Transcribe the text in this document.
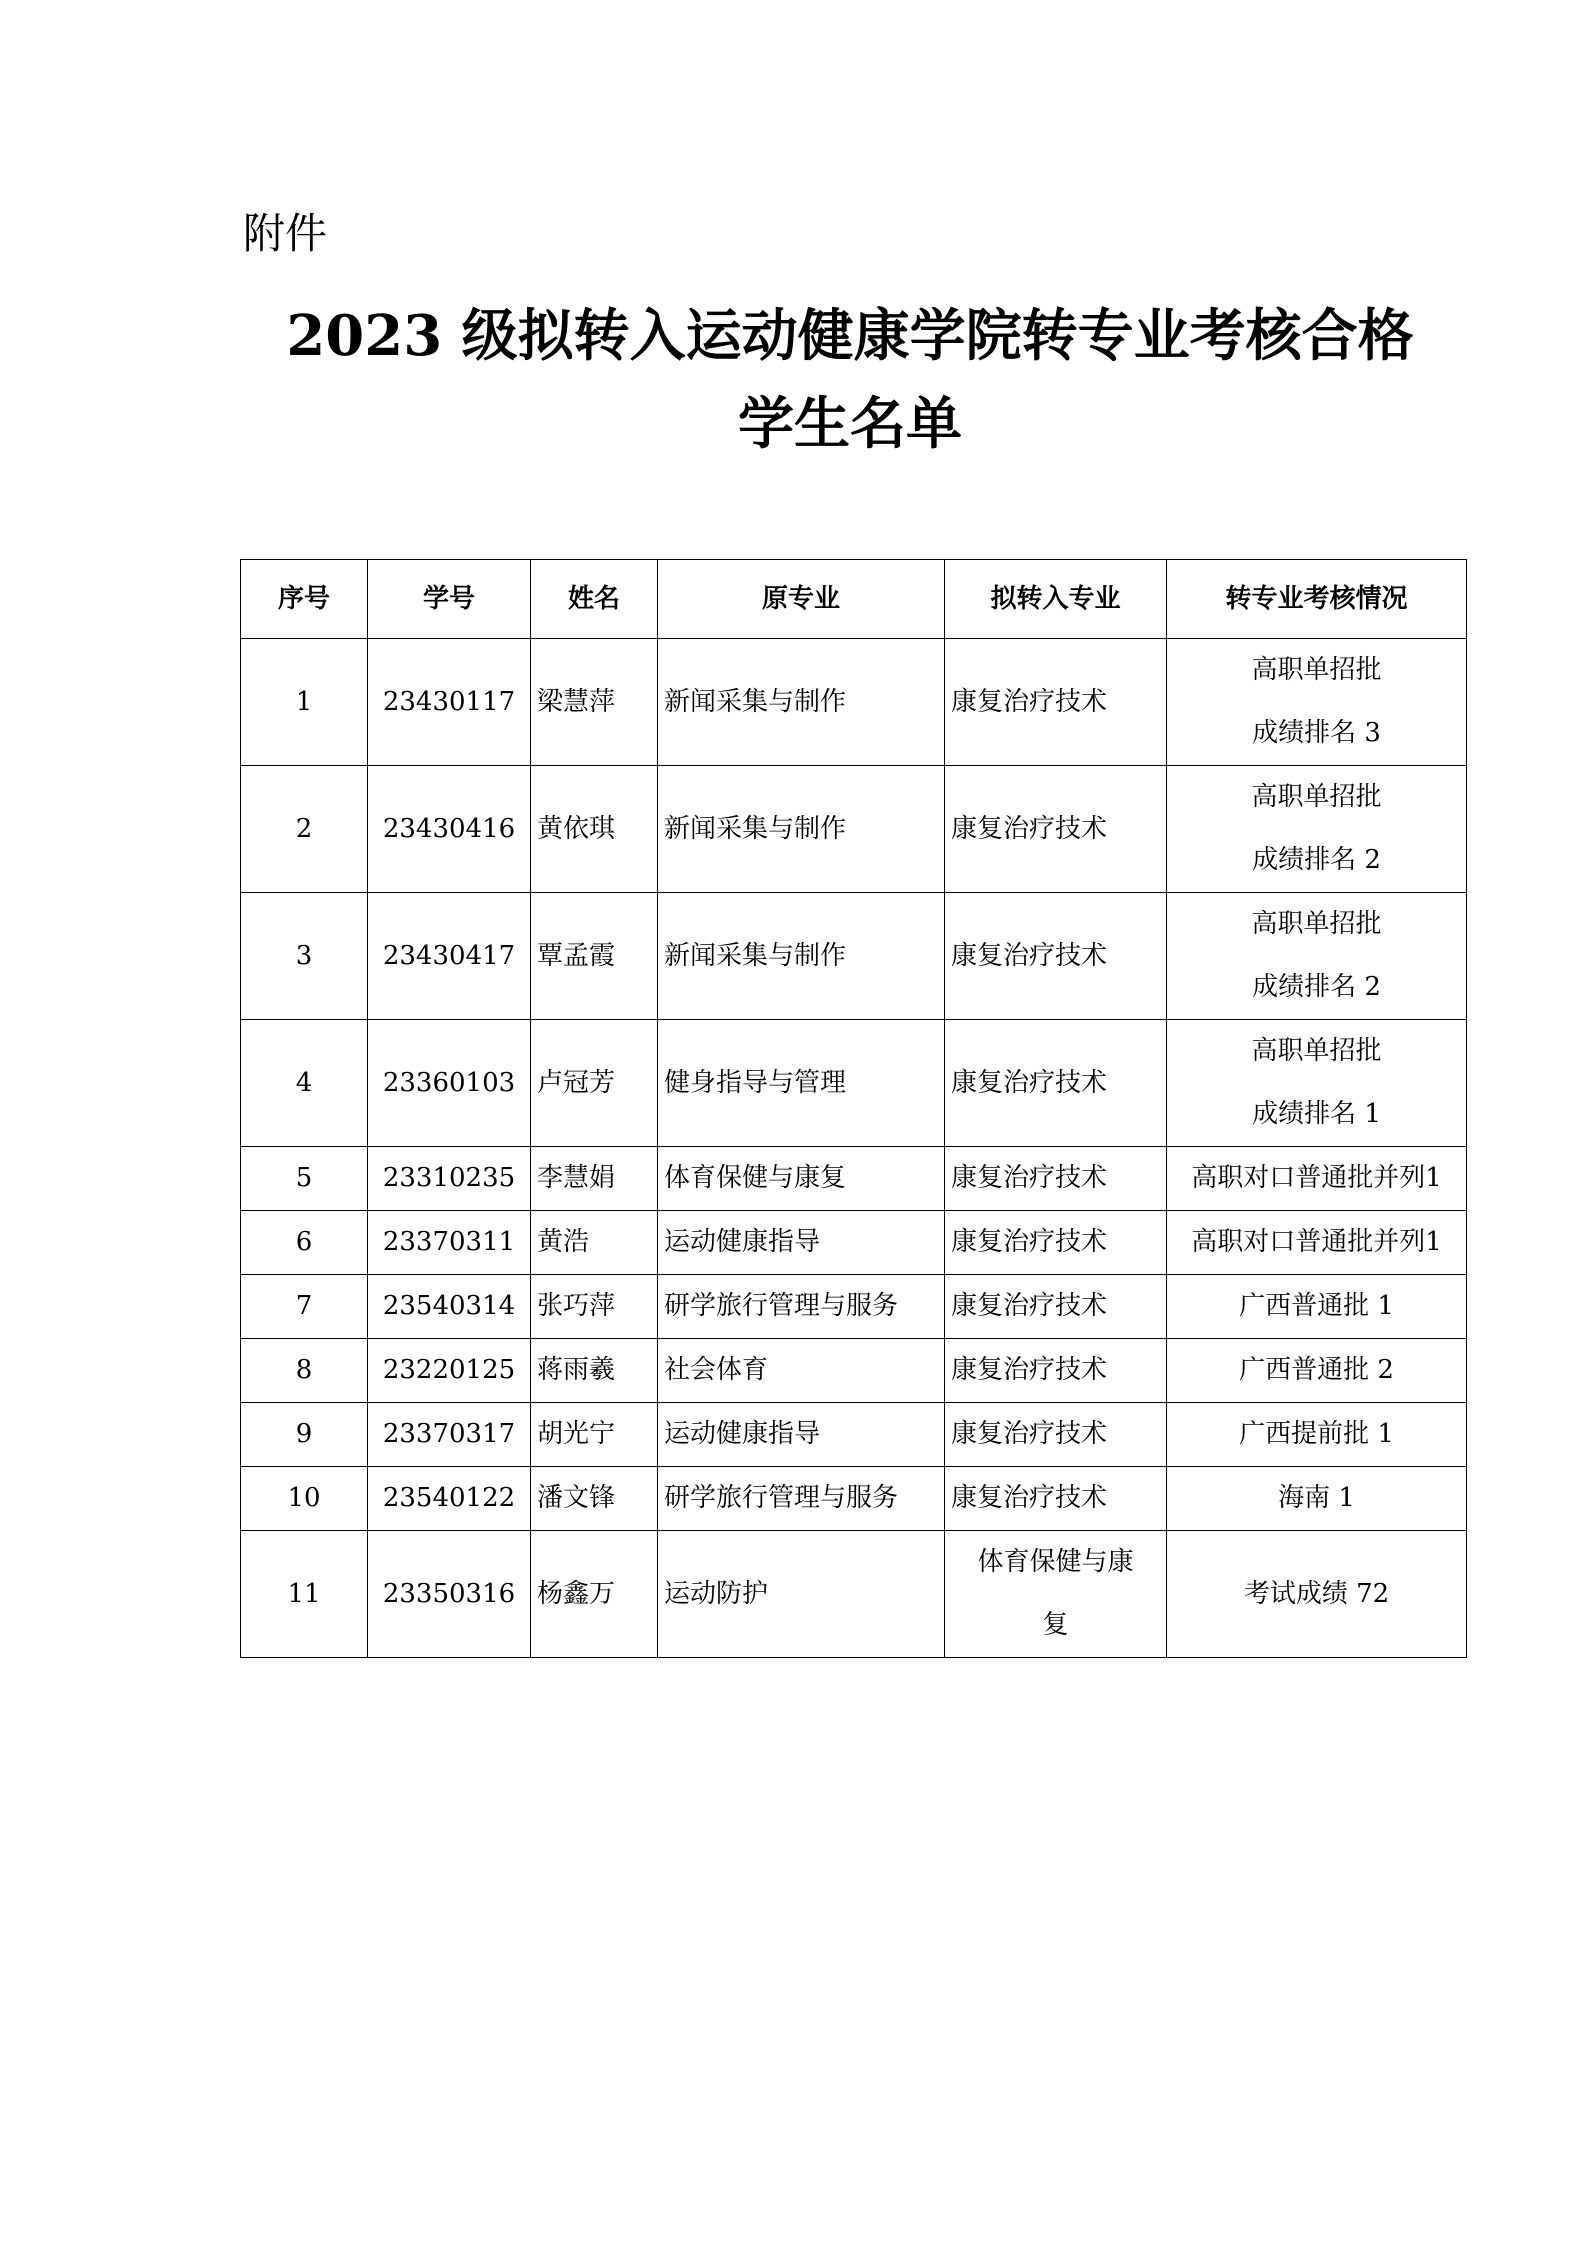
附件
2023 级拟转入运动健康学院转专业考核合格
学生名单
序号	学号	姓名	原专业	拟转入专业	转专业考核情况
1	23430117	梁慧萍	新闻采集与制作	康复治疗技术	高职单招批
成绩排名 3

2	23430416	黄依琪	新闻采集与制作	康复治疗技术	高职单招批
成绩排名 2

3	23430417	覃孟霞	新闻采集与制作	康复治疗技术	高职单招批
成绩排名 2

4	23360103	卢冠芳	健身指导与管理	康复治疗技术	高职单招批
成绩排名 1

5	23310235	李慧娟	体育保健与康复	康复治疗技术	高职对口普通批并列1

6	23370311	黄浩	运动健康指导	康复治疗技术	高职对口普通批并列1

7	23540314	张巧萍	研学旅行管理与服务	康复治疗技术	广西普通批 1

8	23220125	蒋雨羲	社会体育	康复治疗技术	广西普通批 2

9	23370317	胡光宁	运动健康指导	康复治疗技术	广西提前批 1

10	23540122	潘文锋	研学旅行管理与服务	康复治疗技术	海南 1

11	23350316	杨鑫万	运动防护	体育保健与康
复	考试成绩 72
